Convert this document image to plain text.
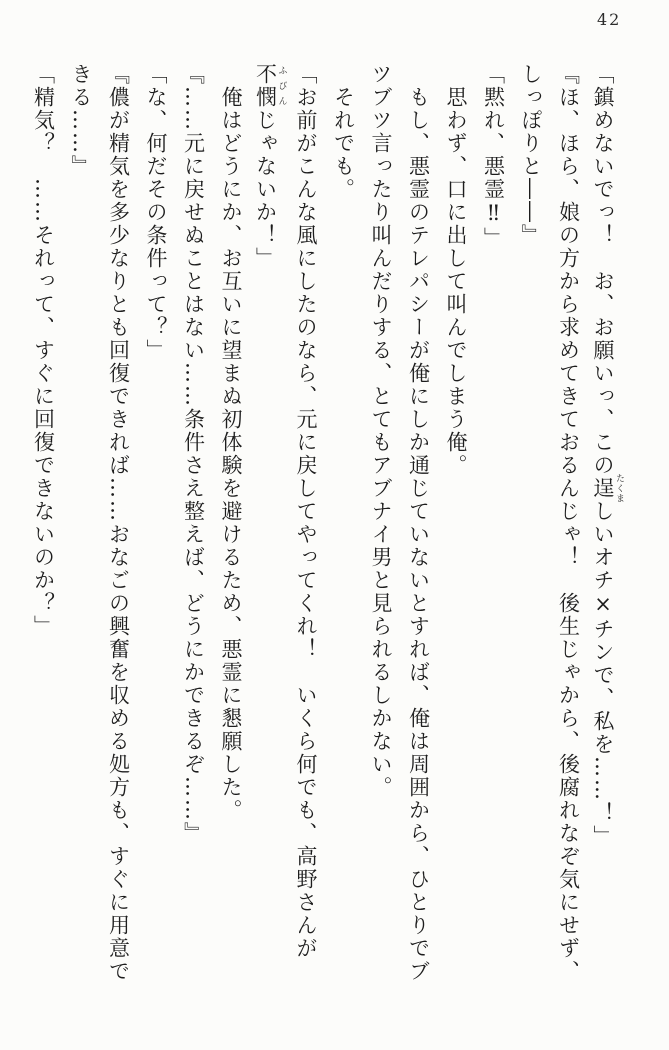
42
「鎮めないでっ！　お、お願いっ、この逞 たくましいオチ×チンで、私を……！」
『ほ、ほら、娘の方から求めてきておるんじゃ！　後生じゃから、後腐れなぞ気にせず、
しっぽりと――』
「黙れ、悪霊‼」
思わず、口に出して叫んでしまう俺。
もし、悪霊のテレパシーが俺にしか通じていないとすれば、俺は周囲から、ひとりでブ
ツブツ言ったり叫んだりする、とてもアブナイ男と見られるしかない。
それでも。
「お前がこんな風にしたのなら、元に戻してやってくれ！　いくら何でも、高野さんが
不憫 ふびんじゃないか！」
俺はどうにか、お互いに望まぬ初体験を避けるため、悪霊に懇願した。
『……元に戻せぬことはない……条件さえ整えば、どうにかできるぞ……』
「な、何だその条件って？」
『儂が精気を多少なりとも回復できれば……おなごの興奮を収める処方も、すぐに用意で
きる……』
「精気？　……それって、すぐに回復できないのか？」
